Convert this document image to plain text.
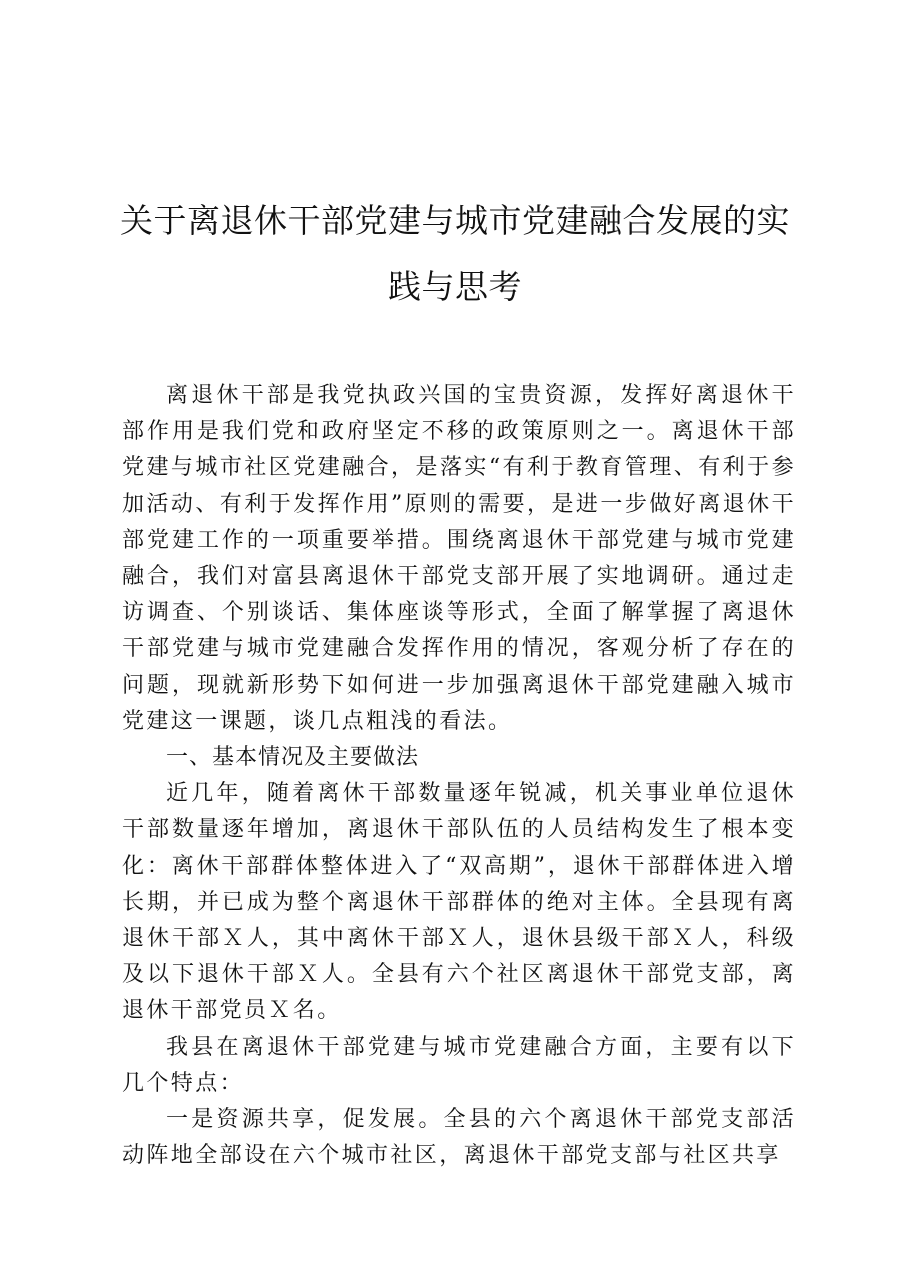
关于离退休干部党建与城市党建融合发展的实践与思考

离退休干部是我党执政兴国的宝贵资源，发挥好离退休干部作用是我们党和政府坚定不移的政策原则之一。离退休干部党建与城市社区党建融合，是落实“有利于教育管理、有利于参加活动、有利于发挥作用”原则的需要，是进一步做好离退休干部党建工作的一项重要举措。围绕离退休干部党建与城市党建融合，我们对富县离退休干部党支部开展了实地调研。通过走访调查、个别谈话、集体座谈等形式，全面了解掌握了离退休干部党建与城市党建融合发挥作用的情况，客观分析了存在的问题，现就新形势下如何进一步加强离退休干部党建融入城市党建这一课题，谈几点粗浅的看法。

一、基本情况及主要做法

近几年，随着离休干部数量逐年锐减，机关事业单位退休干部数量逐年增加，离退休干部队伍的人员结构发生了根本变化：离休干部群体整体进入了“双高期”，退休干部群体进入增长期，并已成为整个离退休干部群体的绝对主体。全县现有离退休干部Ｘ人，其中离休干部Ｘ人，退休县级干部Ｘ人，科级及以下退休干部Ｘ人。全县有六个社区离退休干部党支部，离退休干部党员Ｘ名。

我县在离退休干部党建与城市党建融合方面，主要有以下几个特点：

一是资源共享，促发展。全县的六个离退休干部党支部活动阵地全部设在六个城市社区，离退休干部党支部与社区共享
